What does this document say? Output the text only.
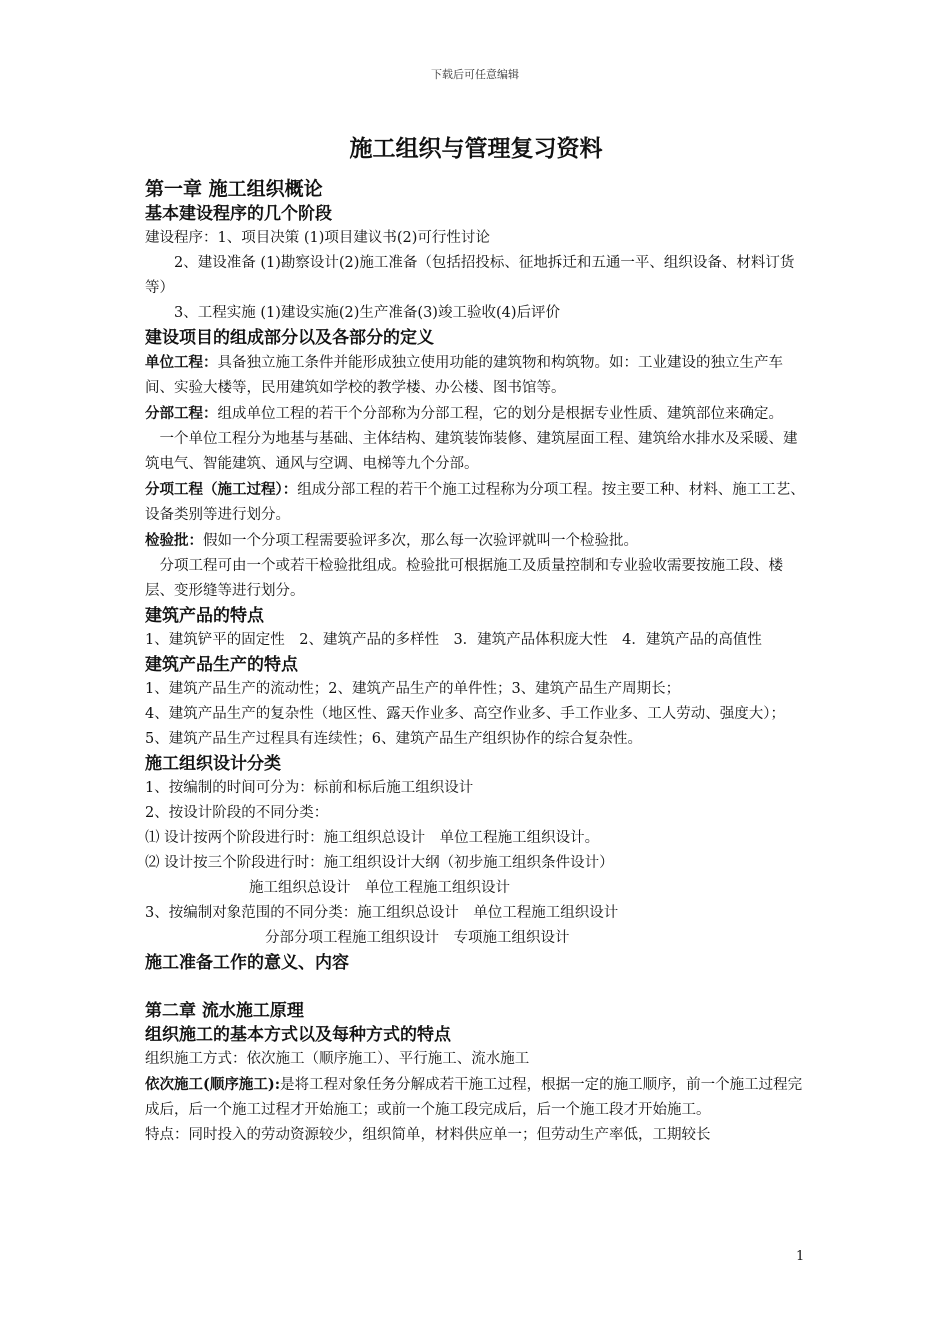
下载后可任意编辑
施工组织与管理复习资料
第一章 施工组织概论
基本建设程序的几个阶段
建设程序：1、项目决策 (1)项目建议书(2)可行性讨论
　　2、建设准备 (1)勘察设计(2)施工准备（包括招投标、征地拆迁和五通一平、组织设备、材料订货等）
　　3、工程实施 (1)建设实施(2)生产准备(3)竣工验收(4)后评价
建设项目的组成部分以及各部分的定义
单位工程：具备独立施工条件并能形成独立使用功能的建筑物和构筑物。如：工业建设的独立生产车间、实验大楼等，民用建筑如学校的教学楼、办公楼、图书馆等。
分部工程：组成单位工程的若干个分部称为分部工程，它的划分是根据专业性质、建筑部位来确定。
　一个单位工程分为地基与基础、主体结构、建筑装饰装修、建筑屋面工程、建筑给水排水及采暖、建筑电气、智能建筑、通风与空调、电梯等九个分部。
分项工程（施工过程）：组成分部工程的若干个施工过程称为分项工程。按主要工种、材料、施工工艺、设备类别等进行划分。
检验批：假如一个分项工程需要验评多次，那么每一次验评就叫一个检验批。
　分项工程可由一个或若干检验批组成。检验批可根据施工及质量控制和专业验收需要按施工段、楼层、变形缝等进行划分。
建筑产品的特点
1、建筑铲平的固定性　2、建筑产品的多样性　3．建筑产品体积庞大性　4．建筑产品的高值性
建筑产品生产的特点
1、建筑产品生产的流动性；2、建筑产品生产的单件性；3、建筑产品生产周期长；
4、建筑产品生产的复杂性（地区性、露天作业多、高空作业多、手工作业多、工人劳动、强度大）；5、建筑产品生产过程具有连续性；6、建筑产品生产组织协作的综合复杂性。
施工组织设计分类
1、按编制的时间可分为：标前和标后施工组织设计
2、按设计阶段的不同分类：
⑴ 设计按两个阶段进行时：施工组织总设计　单位工程施工组织设计。
⑵ 设计按三个阶段进行时：施工组织设计大纲（初步施工组织条件设计）
施工组织总设计　单位工程施工组织设计
3、按编制对象范围的不同分类：施工组织总设计　单位工程施工组织设计
分部分项工程施工组织设计　专项施工组织设计
施工准备工作的意义、内容
第二章 流水施工原理
组织施工的基本方式以及每种方式的特点
组织施工方式：依次施工（顺序施工）、平行施工、流水施工
依次施工(顺序施工):是将工程对象任务分解成若干施工过程，根据一定的施工顺序，前一个施工过程完成后，后一个施工过程才开始施工；或前一个施工段完成后，后一个施工段才开始施工。
特点：同时投入的劳动资源较少，组织简单，材料供应单一；但劳动生产率低，工期较长
1
